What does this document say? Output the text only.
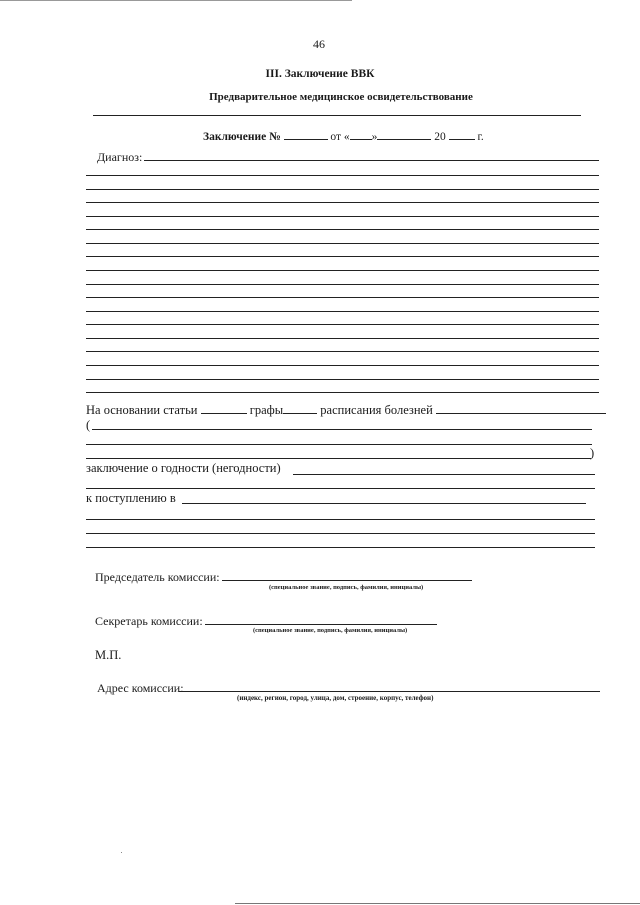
46
III. Заключение ВВК
Предварительное медицинское освидетельствование
Заключение №	от « »	20	г.
Диагноз:
На основании статьи	графы	расписания болезней
(
)
заключение о годности (негодности)
к поступлению в
Председатель комиссии:
(специальное звание, подпись, фамилия, инициалы)
Секретарь комиссии:
(специальное звание, подпись, фамилия, инициалы)
М.П.
Адрес комиссии:
(индекс, регион, город, улица, дом, строение, корпус, телефон)
